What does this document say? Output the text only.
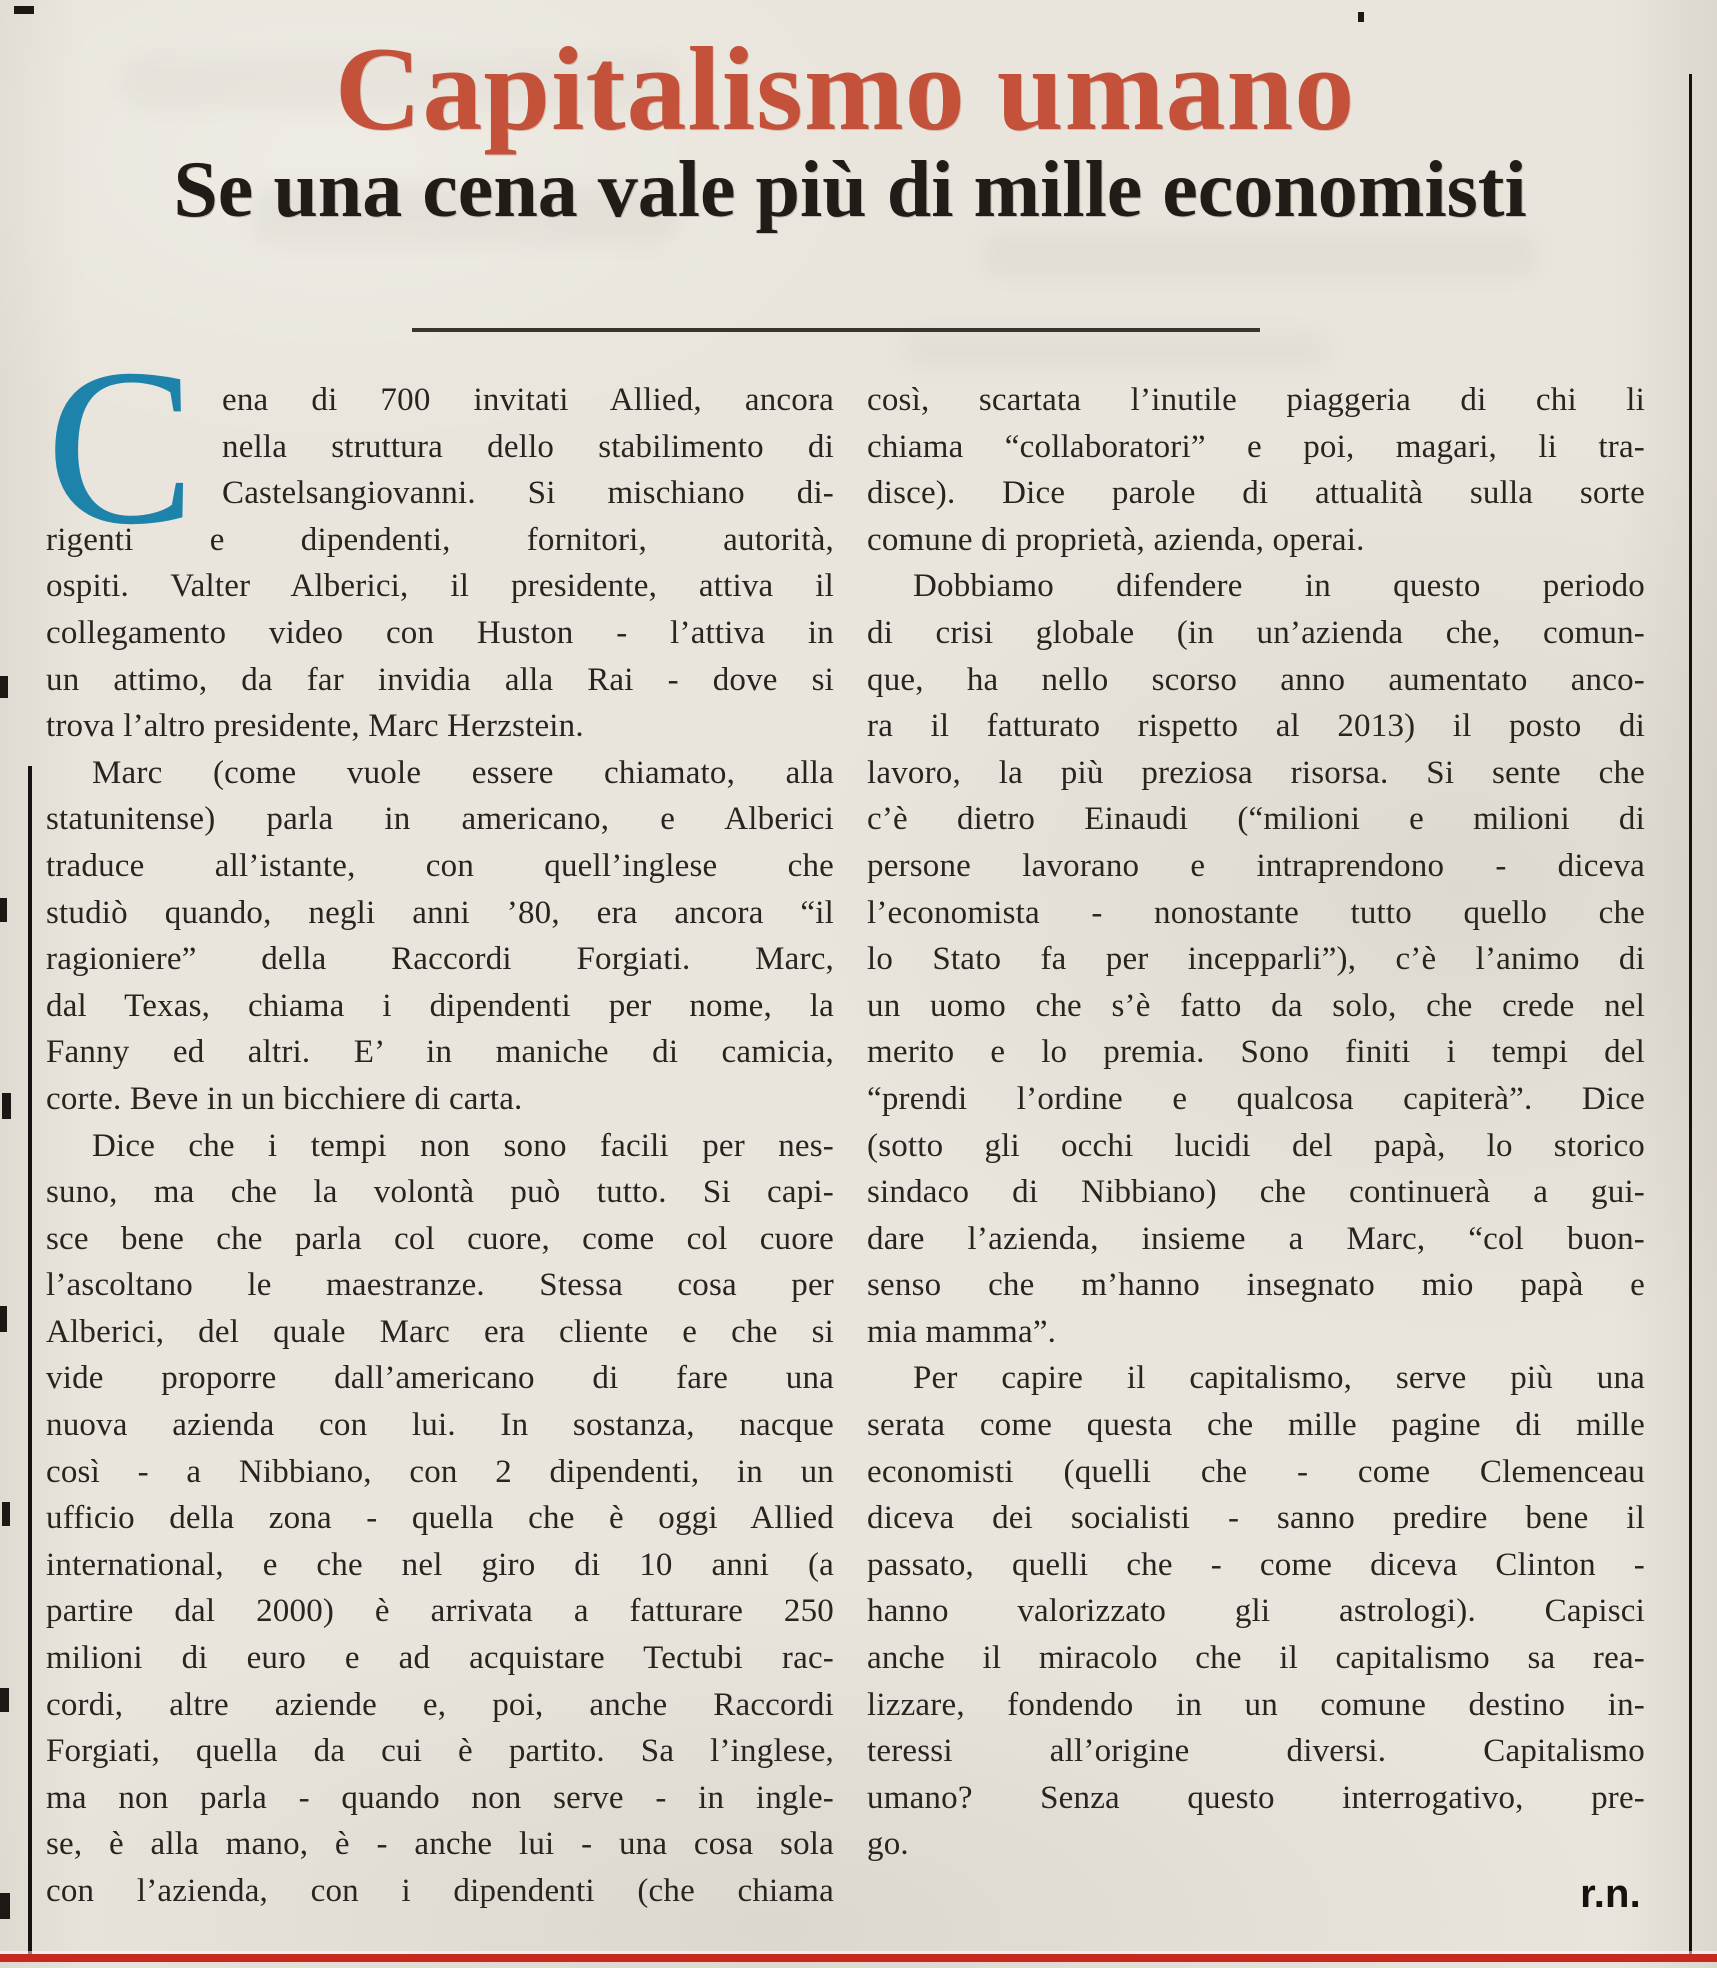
Capitalismo umano
Se una cena vale più di mille economisti
C ena di 700 invitati Allied, ancora
nella struttura dello stabilimento di
Castelsangiovanni. Si mischiano di-
rigenti e dipendenti, fornitori, autorità,
ospiti. Valter Alberici, il presidente, attiva il
collegamento video con Huston - l’attiva in
un attimo, da far invidia alla Rai - dove si
trova l’altro presidente, Marc Herzstein.
Marc (come vuole essere chiamato, alla
statunitense) parla in americano, e Alberici
traduce all’istante, con quell’inglese che
studiò quando, negli anni ’80, era ancora “il
ragioniere” della Raccordi Forgiati. Marc,
dal Texas, chiama i dipendenti per nome, la
Fanny ed altri. E’ in maniche di camicia,
corte. Beve in un bicchiere di carta.
Dice che i tempi non sono facili per nes-
suno, ma che la volontà può tutto. Si capi-
sce bene che parla col cuore, come col cuore
l’ascoltano le maestranze. Stessa cosa per
Alberici, del quale Marc era cliente e che si
vide proporre dall’americano di fare una
nuova azienda con lui. In sostanza, nacque
così - a Nibbiano, con 2 dipendenti, in un
ufficio della zona - quella che è oggi Allied
international, e che nel giro di 10 anni (a
partire dal 2000) è arrivata a fatturare 250
milioni di euro e ad acquistare Tectubi rac-
cordi, altre aziende e, poi, anche Raccordi
Forgiati, quella da cui è partito. Sa l’inglese,
ma non parla - quando non serve - in ingle-
se, è alla mano, è - anche lui - una cosa sola
con l’azienda, con i dipendenti (che chiama
così, scartata l’inutile piaggeria di chi li
chiama “collaboratori” e poi, magari, li tra-
disce). Dice parole di attualità sulla sorte
comune di proprietà, azienda, operai.
Dobbiamo difendere in questo periodo
di crisi globale (in un’azienda che, comun-
que, ha nello scorso anno aumentato anco-
ra il fatturato rispetto al 2013) il posto di
lavoro, la più preziosa risorsa. Si sente che
c’è dietro Einaudi (“milioni e milioni di
persone lavorano e intraprendono - diceva
l’economista - nonostante tutto quello che
lo Stato fa per incepparli”), c’è l’animo di
un uomo che s’è fatto da solo, che crede nel
merito e lo premia. Sono finiti i tempi del
“prendi l’ordine e qualcosa capiterà”. Dice
(sotto gli occhi lucidi del papà, lo storico
sindaco di Nibbiano) che continuerà a gui-
dare l’azienda, insieme a Marc, “col buon-
senso che m’hanno insegnato mio papà e
mia mamma”.
Per capire il capitalismo, serve più una
serata come questa che mille pagine di mille
economisti (quelli che - come Clemenceau
diceva dei socialisti - sanno predire bene il
passato, quelli che - come diceva Clinton -
hanno valorizzato gli astrologi). Capisci
anche il miracolo che il capitalismo sa rea-
lizzare, fondendo in un comune destino in-
teressi all’origine diversi. Capitalismo
umano? Senza questo interrogativo, pre-
go.
r.n.
